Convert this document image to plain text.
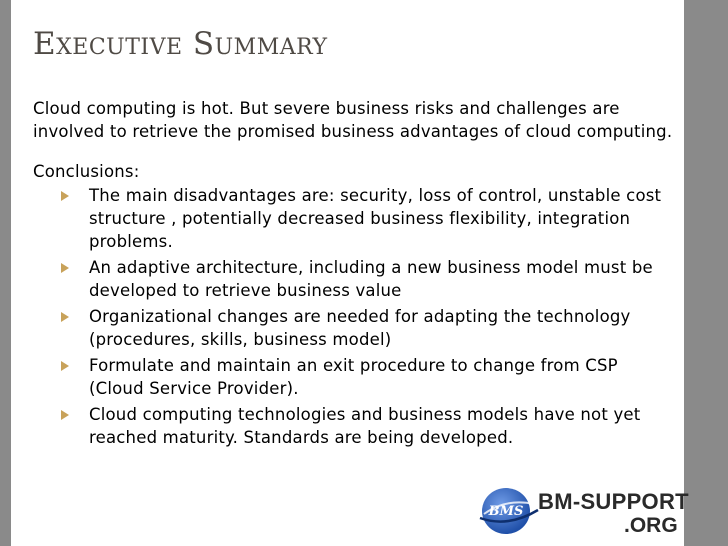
Executive Summary

Cloud computing is hot. But severe business risks and challenges are involved to retrieve the promised business advantages of cloud computing.

Conclusions:

The main disadvantages are: security, loss of control, unstable cost structure , potentially decreased business flexibility, integration problems.
An adaptive architecture, including a new business model must be developed to retrieve business value
Organizational changes are needed for adapting the technology (procedures, skills, business model)
Formulate and maintain an exit procedure to change from CSP (Cloud Service Provider).
Cloud computing technologies and business models have not yet reached maturity. Standards are being developed.
BMS BM-SUPPORT
.ORG
